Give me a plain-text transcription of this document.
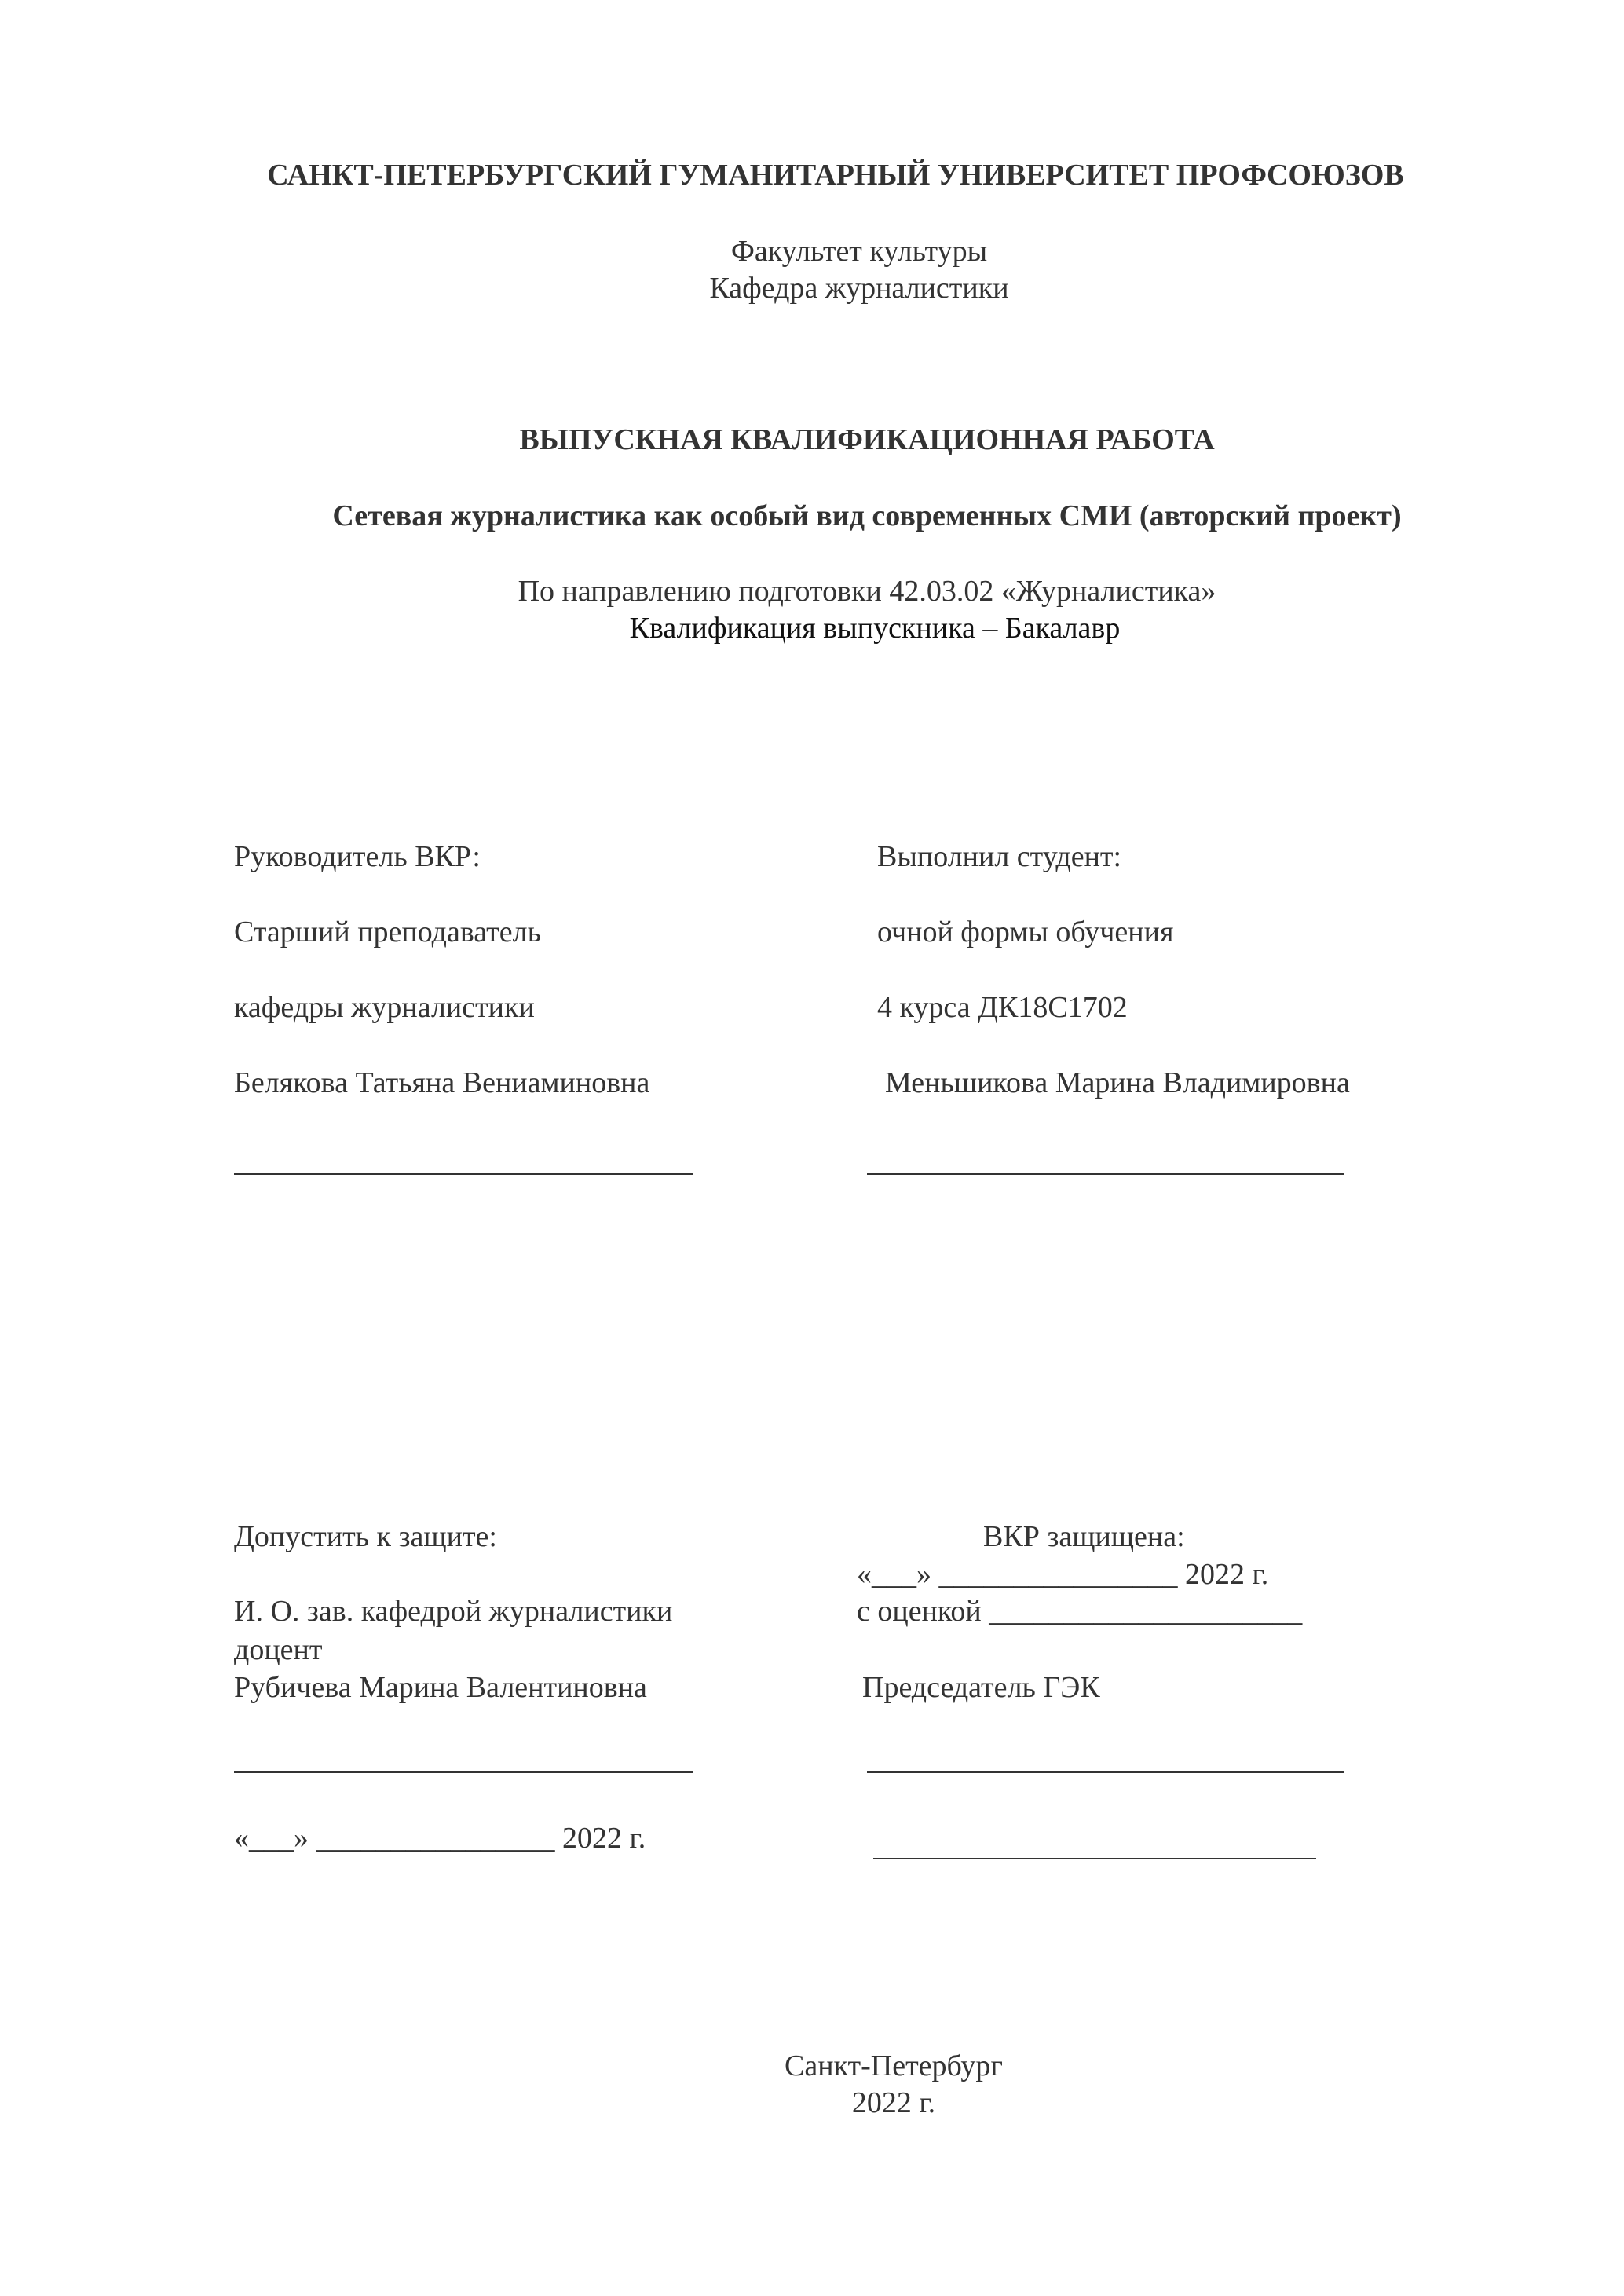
САНКТ-ПЕТЕРБУРГСКИЙ ГУМАНИТАРНЫЙ УНИВЕРСИТЕТ ПРОФСОЮЗОВ
Факультет культуры
Кафедра журналистики
ВЫПУСКНАЯ КВАЛИФИКАЦИОННАЯ РАБОТА
Сетевая журналистика как особый вид современных СМИ (авторский проект)
По направлению подготовки 42.03.02 «Журналистика»
Квалификация выпускника – Бакалавр
Руководитель ВКР:
Старший преподаватель
кафедры журналистики
Белякова Татьяна Вениаминовна
Выполнил студент:
очной формы обучения
4 курса ДК18С1702
Меньшикова Марина Владимировна
Допустить к защите:
И. О. зав. кафедрой журналистики
доцент
Рубичева Марина Валентиновна
«___» ________________ 2022 г.
ВКР защищена:
«___» ________________ 2022 г.
с оценкой _____________________
Председатель ГЭК
Санкт-Петербург
2022 г.
